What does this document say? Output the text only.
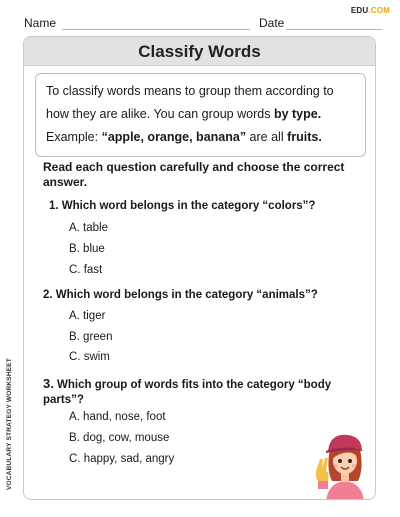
EDU.COM
Name	Date
VOCABULARY STRATEGY WORKSHEET
Classify Words
To classify words means to group them according to
how they are alike. You can group words by type.
Example: “apple, orange, banana” are all fruits.
Read each question carefully and choose the correct answer.
1. Which word belongs in the category “colors”?
A. table
B. blue
C. fast
2. Which word belongs in the category “animals”?
A. tiger
B. green
C. swim
3. Which group of words fits into the category “body parts”?
A. hand, nose, foot
B. dog, cow, mouse
C. happy, sad, angry
